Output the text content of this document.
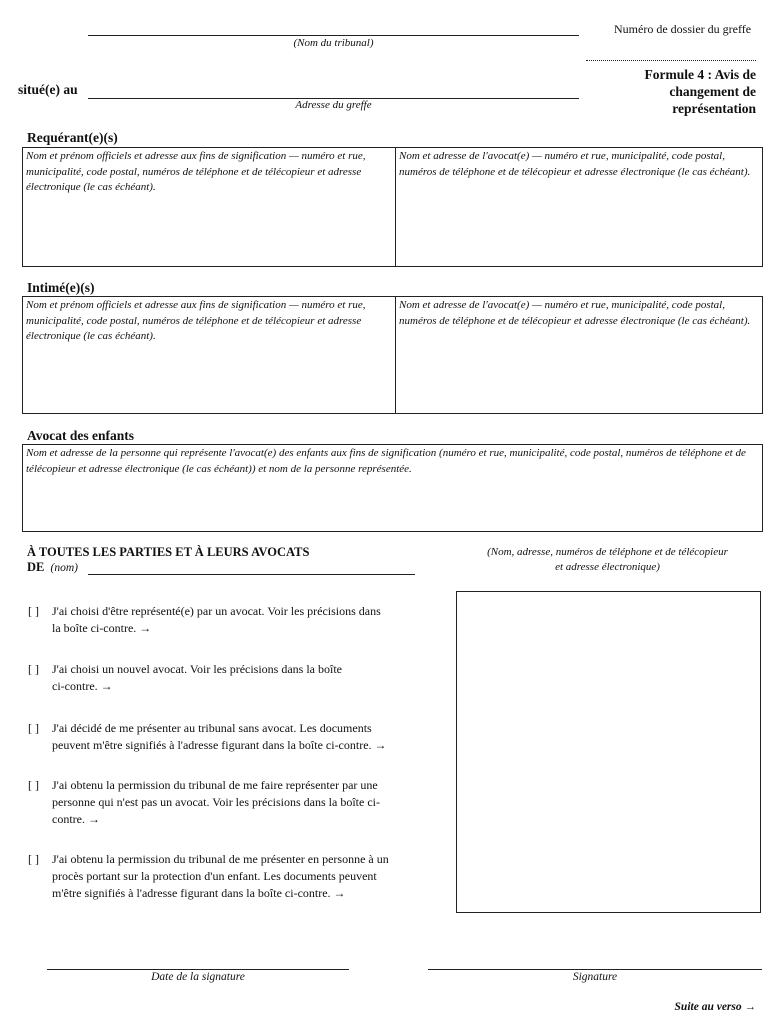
(Nom du tribunal)
Numéro de dossier du greffe
Formule 4 : Avis de
changement de
représentation
situé(e) au
Adresse du greffe
Requérant(e)(s)
Nom et prénom officiels et adresse aux fins de signification — numéro et rue, municipalité, code postal, numéros de téléphone et de télécopieur et adresse électronique (le cas échéant).
Nom et adresse de l'avocat(e) — numéro et rue, municipalité, code postal, numéros de téléphone et de télécopieur et adresse électronique (le cas échéant).
Intimé(e)(s)
Nom et prénom officiels et adresse aux fins de signification — numéro et rue, municipalité, code postal, numéros de téléphone et de télécopieur et adresse électronique (le cas échéant).
Nom et adresse de l'avocat(e) — numéro et rue, municipalité, code postal, numéros de téléphone et de télécopieur et adresse électronique (le cas échéant).
Avocat des enfants
Nom et adresse de la personne qui représente l'avocat(e) des enfants aux fins de signification (numéro et rue, municipalité, code postal, numéros de téléphone et de télécopieur et adresse électronique (le cas échéant)) et nom de la personne représentée.
À TOUTES LES PARTIES ET À LEURS AVOCATS
DE (nom)
(Nom, adresse, numéros de téléphone et de télécopieur
et adresse électronique)
[ ] J'ai choisi d'être représenté(e) par un avocat. Voir les précisions dans
la boîte ci-contre. →
[ ] J'ai choisi un nouvel avocat. Voir les précisions dans la boîte
ci-contre. →
[ ] J'ai décidé de me présenter au tribunal sans avocat. Les documents
peuvent m'être signifiés à l'adresse figurant dans la boîte ci-contre. →
[ ] J'ai obtenu la permission du tribunal de me faire représenter par une
personne qui n'est pas un avocat. Voir les précisions dans la boîte ci-
contre. →
[ ] J'ai obtenu la permission du tribunal de me présenter en personne à un
procès portant sur la protection d'un enfant. Les documents peuvent
m'être signifiés à l'adresse figurant dans la boîte ci-contre. →
Date de la signature	Signature
Suite au verso →
